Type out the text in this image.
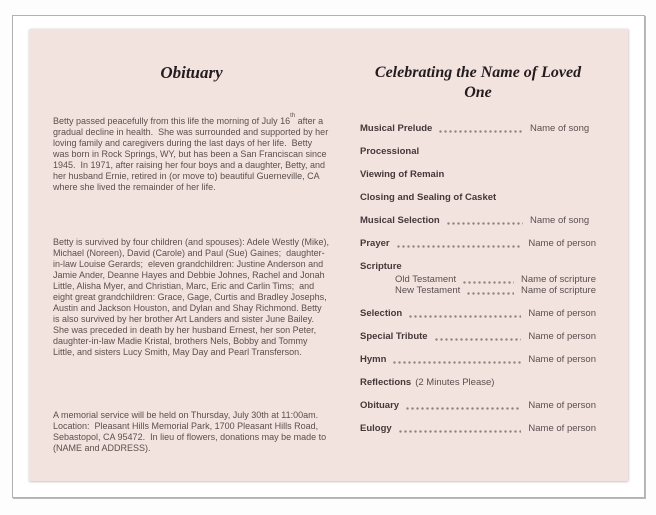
Obituary

Betty passed peacefully from this life the morning of July 16th after a gradual decline in health.  She was surrounded and supported by her loving family and caregivers during the last days of her life.  Betty was born in Rock Springs, WY, but has been a San Franciscan since 1945.  In 1971, after raising her four boys and a daughter, Betty, and her husband Ernie, retired in (or move to) beautiful Guerneville, CA where she lived the remainder of her life.

Betty is survived by four children (and spouses): Adele Westly (Mike), Michael (Noreen), David (Carole) and Paul (Sue) Gaines;  daughter-in-law Louise Gerards;  eleven grandchildren: Justine Anderson and Jamie Ander, Deanne Hayes and Debbie Johnes, Rachel and Jonah Little, Alisha Myer, and Christian, Marc, Eric and Carlin Tims;  and eight great grandchildren: Grace, Gage, Curtis and Bradley Josephs, Austin and Jackson Houston, and Dylan and Shay Richmond. Betty is also survived by her brother Art Landers and sister June Bailey.  She was preceded in death by her husband Ernest, her son Peter, daughter-in-law Madie Kristal, brothers Nels, Bobby and Tommy Little, and sisters Lucy Smith, May Day and Pearl Transferson.

A memorial service will be held on Thursday, July 30th at 11:00am.  Location:  Pleasant Hills Memorial Park, 1700 Pleasant Hills Road, Sebastopol, CA 95472.  In lieu of flowers, donations may be made to (NAME and ADDRESS).

Celebrating the Name of Loved One
Musical Prelude	Name of song
Processional
Viewing of Remain
Closing and Sealing of Casket
Musical Selection	Name of song
Prayer	Name of person
Scripture
Old Testament	Name of scripture
New Testament	Name of scripture
Selection	Name of person
Special Tribute	Name of person
Hymn	Name of person
Reflections (2 Minutes Please)
Obituary	Name of person
Eulogy	Name of person
